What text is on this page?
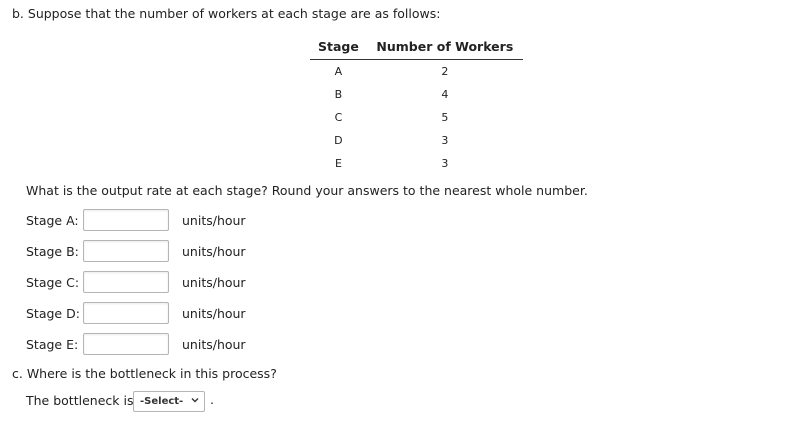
b. Suppose that the number of workers at each stage are as follows:
Stage	Number of Workers
A	2
B	4
C	5
D	3
E	3
What is the output rate at each stage? Round your answers to the nearest whole number.
Stage A:	units/hour
Stage B:	units/hour
Stage C:	units/hour
Stage D:	units/hour
Stage E:	units/hour
c. Where is the bottleneck in this process?
The bottleneck is -Select-	.
